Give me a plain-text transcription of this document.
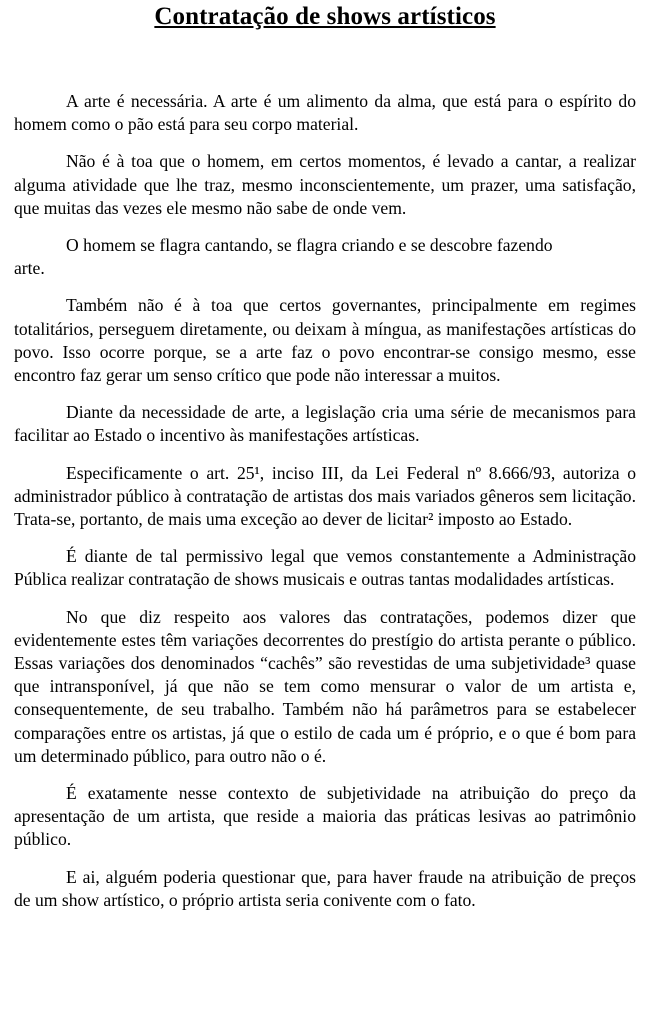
Contratação de shows artísticos

A arte é necessária. A arte é um alimento da alma, que está para o espírito do homem como o pão está para seu corpo material.

Não é à toa que o homem, em certos momentos, é levado a cantar, a realizar alguma atividade que lhe traz, mesmo inconscientemente, um prazer, uma satisfação, que muitas das vezes ele mesmo não sabe de onde vem.

O homem se flagra cantando, se flagra criando e se descobre fazendo

arte.

Também não é à toa que certos governantes, principalmente em regimes totalitários, perseguem diretamente, ou deixam à míngua, as manifestações artísticas do povo. Isso ocorre porque, se a arte faz o povo encontrar-se consigo mesmo, esse encontro faz gerar um senso crítico que pode não interessar a muitos.

Diante da necessidade de arte, a legislação cria uma série de mecanismos para facilitar ao Estado o incentivo às manifestações artísticas.

Especificamente o art. 25¹, inciso III, da Lei Federal nº 8.666/93, autoriza o administrador público à contratação de artistas dos mais variados gêneros sem licitação. Trata-se, portanto, de mais uma exceção ao dever de licitar² imposto ao Estado.

É diante de tal permissivo legal que vemos constantemente a Administração Pública realizar contratação de shows musicais e outras tantas modalidades artísticas.

No que diz respeito aos valores das contratações, podemos dizer que evidentemente estes têm variações decorrentes do prestígio do artista perante o público. Essas variações dos denominados “cachês” são revestidas de uma subjetividade³ quase que intransponível, já que não se tem como mensurar o valor de um artista e, consequentemente, de seu trabalho. Também não há parâmetros para se estabelecer comparações entre os artistas, já que o estilo de cada um é próprio, e o que é bom para um determinado público, para outro não o é.

É exatamente nesse contexto de subjetividade na atribuição do preço da apresentação de um artista, que reside a maioria das práticas lesivas ao patrimônio público.

E ai, alguém poderia questionar que, para haver fraude na atribuição de preços de um show artístico, o próprio artista seria conivente com o fato.
